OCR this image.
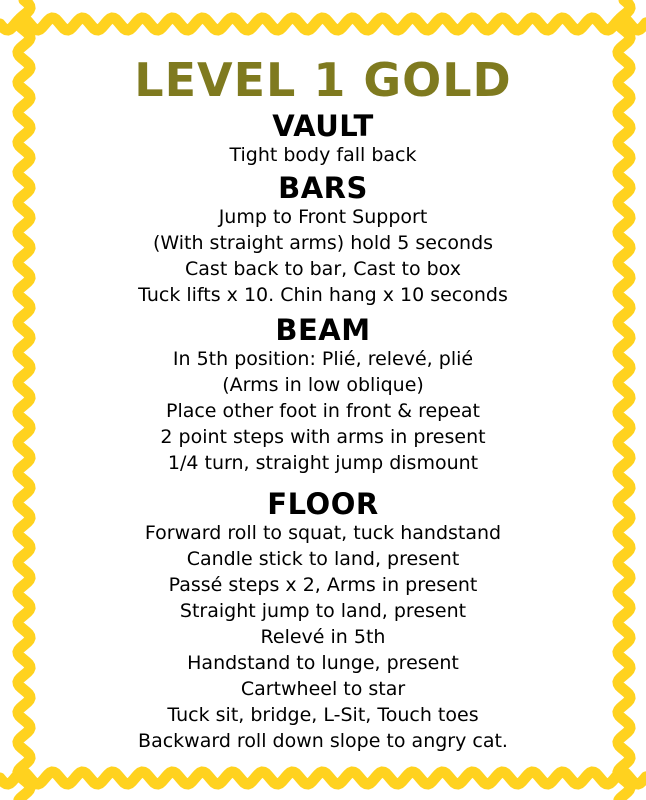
LEVEL 1 GOLD
VAULT
Tight body fall back
BARS
Jump to Front Support
(With straight arms) hold 5 seconds
Cast back to bar, Cast to box
Tuck lifts x 10. Chin hang x 10 seconds
BEAM
In 5th position: Plié, relevé, plié
(Arms in low oblique)
Place other foot in front & repeat
2 point steps with arms in present
1/4 turn, straight jump dismount
FLOOR
Forward roll to squat, tuck handstand
Candle stick to land, present
Passé steps x 2, Arms in present
Straight jump to land, present
Relevé in 5th
Handstand to lunge, present
Cartwheel to star
Tuck sit, bridge, L-Sit, Touch toes
Backward roll down slope to angry cat.
